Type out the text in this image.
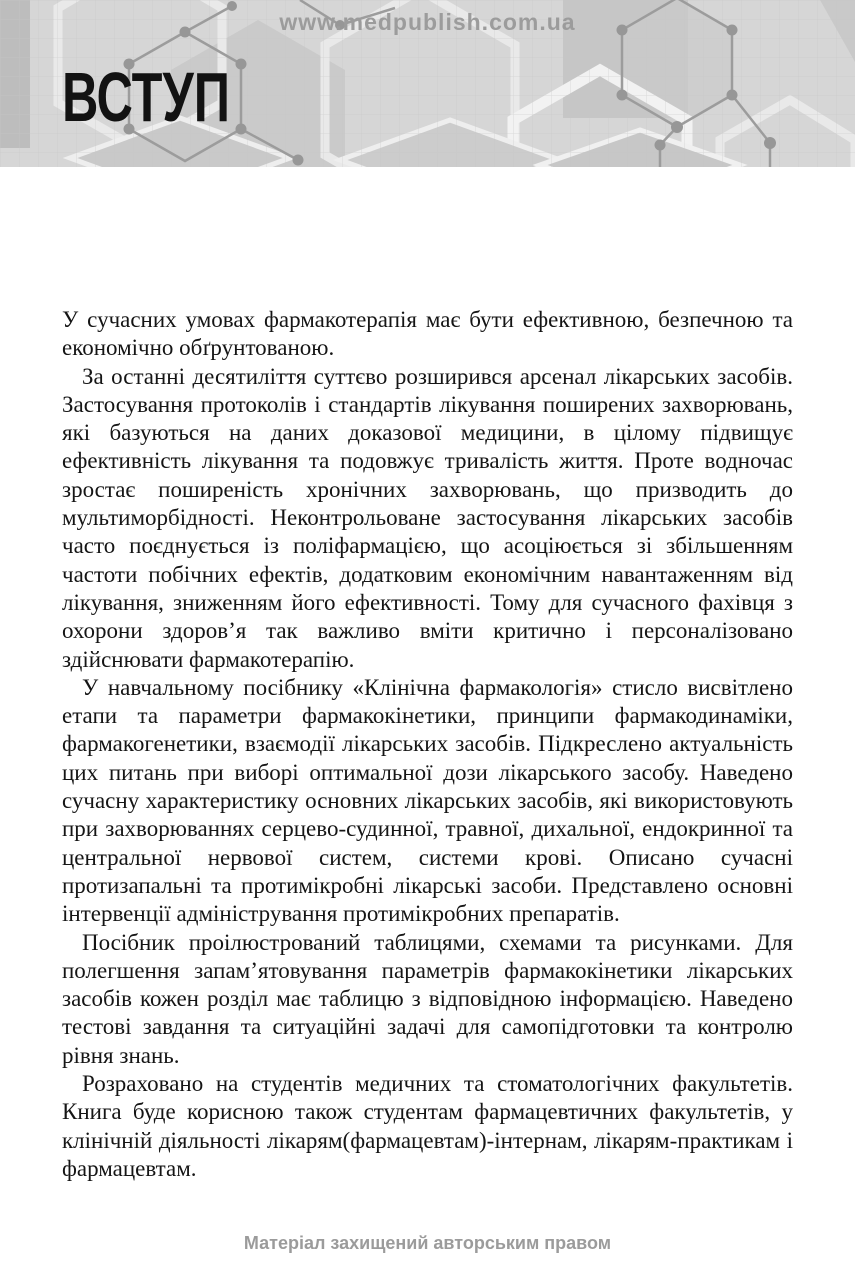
www.medpublish.com.ua
ВСТУП

У сучасних умовах фармакотерапія має бути ефективною, безпечною та економічно обґрунтованою.

За останні десятиліття суттєво розширився арсенал лікарських засобів. Застосування протоколів і стандартів лікування поширених захворювань, які базуються на даних доказової медицини, в цілому підвищує ефективність лікування та подовжує тривалість життя. Проте водночас зростає поширеність хронічних захворювань, що призводить до мультиморбідності. Неконтрольоване застосування лікарських засобів часто поєднується із поліфармацією, що асоціюється зі збільшенням частоти побічних ефектів, додатковим економічним навантаженням від лікування, зниженням його ефективності. Тому для сучасного фахівця з охорони здоров’я так важливо вміти критично і персоналізовано здійснювати фармакотерапію.

У навчальному посібнику «Клінічна фармакологія» стисло висвітлено етапи та параметри фармакокінетики, принципи фармакодинаміки, фармакогенетики, взаємодії лікарських засобів. Підкреслено актуальність цих питань при виборі оптимальної дози лікарського засобу. Наведено сучасну характеристику основних лікарських засобів, які використовують при захворюваннях серцево-судинної, травної, дихальної, ендокринної та центральної нервової систем, системи крові. Описано сучасні протизапальні та протимікробні лікарські засоби. Представлено основні інтервенції адміністрування протимікробних препаратів.

Посібник проілюстрований таблицями, схемами та рисунками. Для полегшення запам’ятовування параметрів фармакокінетики лікарських засобів кожен розділ має таблицю з відповідною інформацією. Наведено тестові завдання та ситуаційні задачі для самопідготовки та контролю рівня знань.

Розраховано на студентів медичних та стоматологічних факультетів. Книга буде корисною також студентам фармацевтичних факультетів, у клінічній діяльності лікарям(фармацевтам)-інтернам, лікарям-практикам і фармацевтам.

Матеріал захищений авторським правом
